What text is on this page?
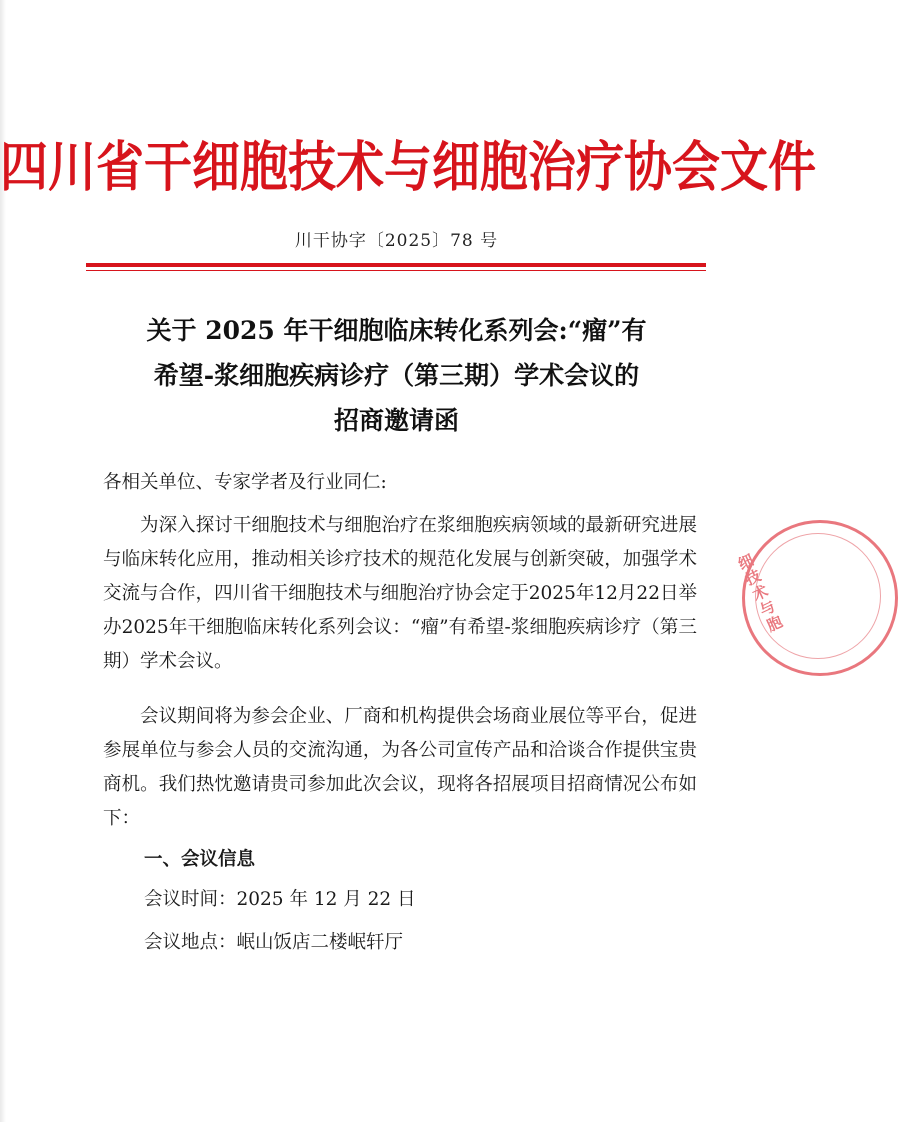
四川省干细胞技术与细胞治疗协会文件
川干协字〔2025〕78 号
关于 2025 年干细胞临床转化系列会:“瘤”有
希望-浆细胞疾病诊疗（第三期）学术会议的
招商邀请函
各相关单位、专家学者及行业同仁:
为深入探讨干细胞技术与细胞治疗在浆细胞疾病领域的最新研究进展与临床转化应用，推动相关诊疗技术的规范化发展与创新突破，加强学术交流与合作，四川省干细胞技术与细胞治疗协会定于2025年12月22日举办2025年干细胞临床转化系列会议：“瘤”有希望-浆细胞疾病诊疗（第三期）学术会议。
会议期间将为参会企业、厂商和机构提供会场商业展位等平台，促进参展单位与参会人员的交流沟通，为各公司宣传产品和洽谈合作提供宝贵商机。我们热忱邀请贵司参加此次会议，现将各招展项目招商情况公布如下：
一、会议信息
会议时间：2025 年 12 月 22 日
会议地点：岷山饭店二楼岷轩厅
细
技
术
与
胞
